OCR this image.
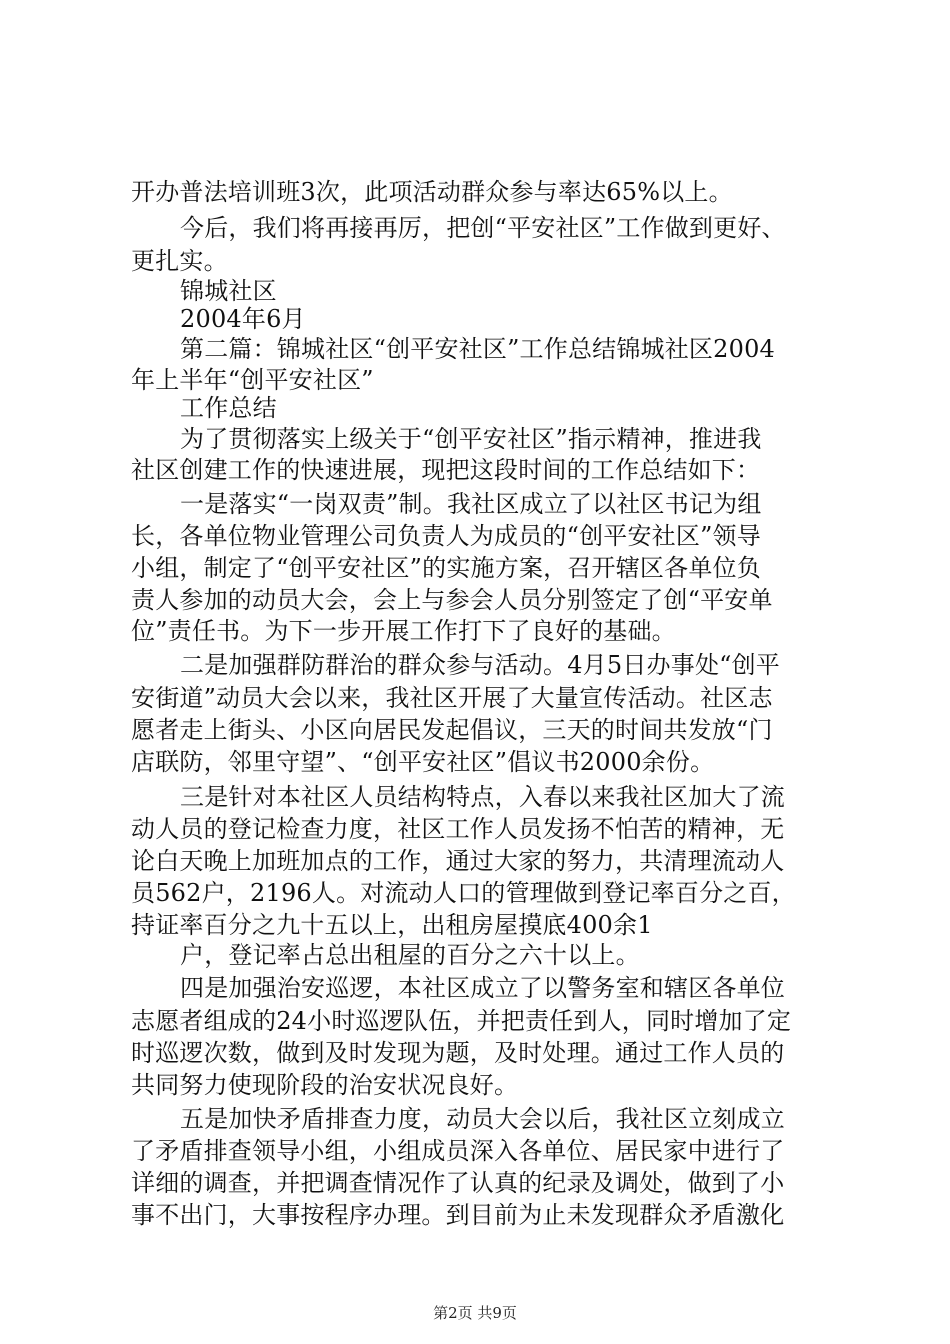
开办普法培训班3次，此项活动群众参与率达65%以上。
今后，我们将再接再厉，把创“平安社区”工作做到更好、
更扎实。
锦城社区
2004年6月
第二篇：锦城社区“创平安社区”工作总结锦城社区2004
年上半年“创平安社区”
工作总结
为了贯彻落实上级关于“创平安社区”指示精神，推进我
社区创建工作的快速进展，现把这段时间的工作总结如下：
一是落实“一岗双责”制。我社区成立了以社区书记为组
长，各单位物业管理公司负责人为成员的“创平安社区”领导
小组，制定了“创平安社区”的实施方案，召开辖区各单位负
责人参加的动员大会，会上与参会人员分别签定了创“平安单
位”责任书。为下一步开展工作打下了良好的基础。
二是加强群防群治的群众参与活动。4月5日办事处“创平
安街道”动员大会以来，我社区开展了大量宣传活动。社区志
愿者走上街头、小区向居民发起倡议，三天的时间共发放“门
店联防，邻里守望”、“创平安社区”倡议书2000余份。
三是针对本社区人员结构特点，入春以来我社区加大了流
动人员的登记检查力度，社区工作人员发扬不怕苦的精神，无
论白天晚上加班加点的工作，通过大家的努力，共清理流动人
员562户，2196人。对流动人口的管理做到登记率百分之百，
持证率百分之九十五以上，出租房屋摸底400余1
户，登记率占总出租屋的百分之六十以上。
四是加强治安巡逻，本社区成立了以警务室和辖区各单位
志愿者组成的24小时巡逻队伍，并把责任到人，同时增加了定
时巡逻次数，做到及时发现为题，及时处理。通过工作人员的
共同努力使现阶段的治安状况良好。
五是加快矛盾排查力度，动员大会以后，我社区立刻成立
了矛盾排查领导小组，小组成员深入各单位、居民家中进行了
详细的调查，并把调查情况作了认真的纪录及调处，做到了小
事不出门，大事按程序办理。到目前为止未发现群众矛盾激化
第2页 共9页
